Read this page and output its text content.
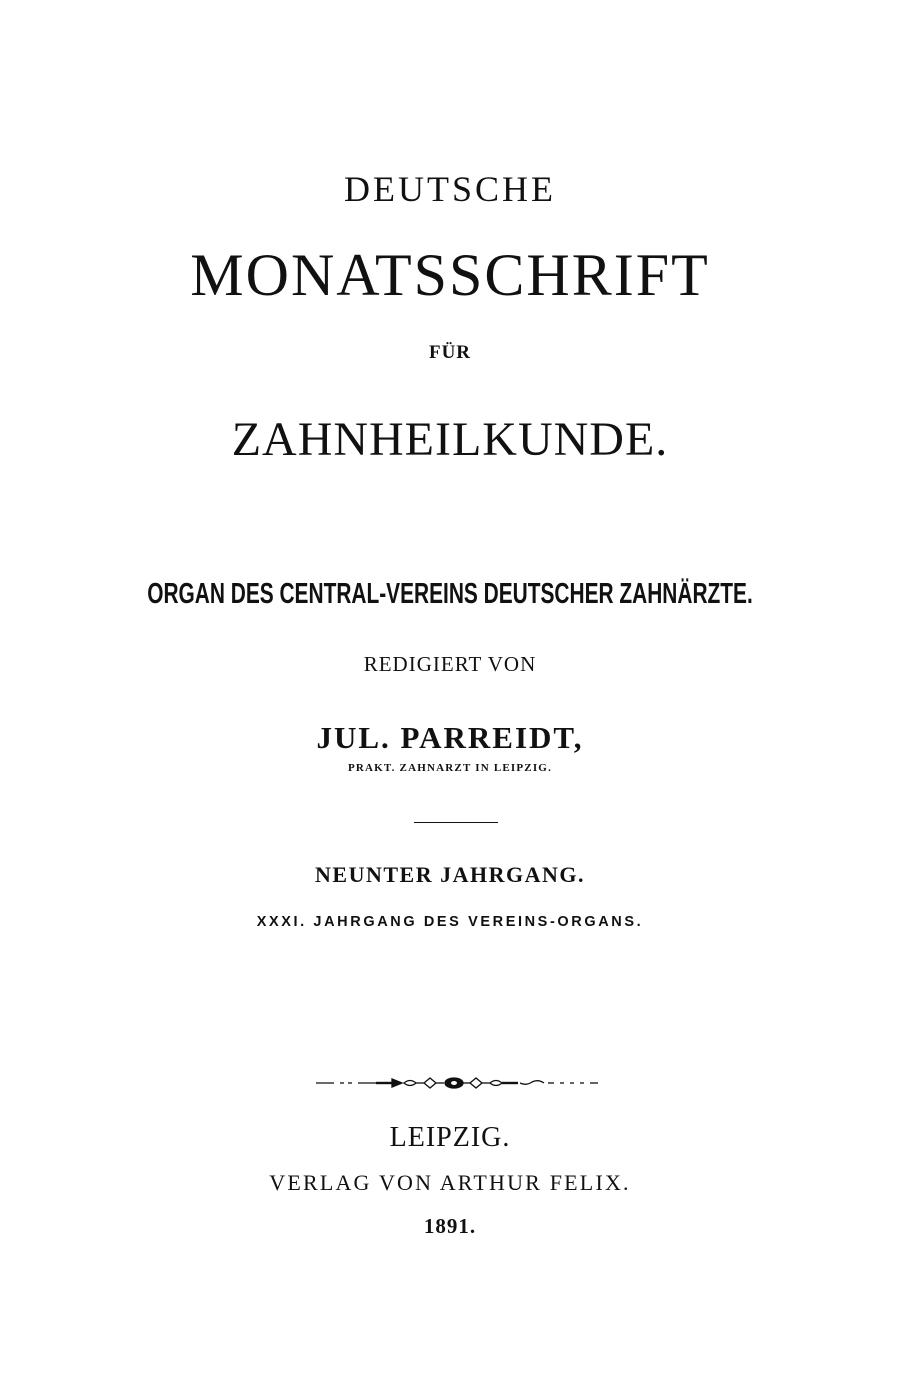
DEUTSCHE
MONATSSCHRIFT
FÜR
ZAHNHEILKUNDE.
ORGAN DES CENTRAL-VEREINS DEUTSCHER ZAHNÄRZTE.
REDIGIERT VON
JUL. PARREIDT,
PRAKT. ZAHNARZT IN LEIPZIG.
NEUNTER JAHRGANG.
XXXI. JAHRGANG DES VEREINS-ORGANS.
LEIPZIG.
VERLAG VON ARTHUR FELIX.
1891.
